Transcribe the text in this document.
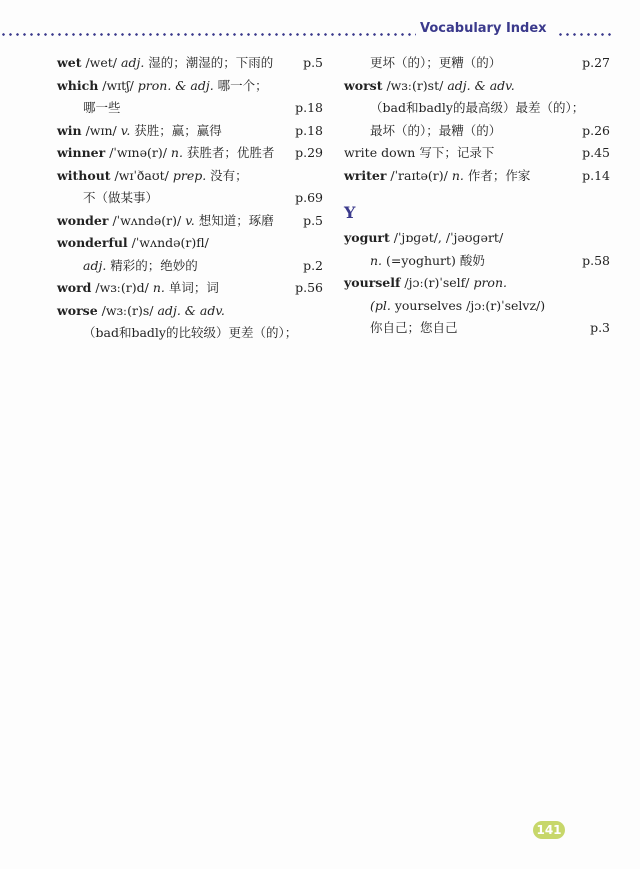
Vocabulary Index
wet /wet/ adj. 湿的；潮湿的；下雨的 p.5
which /wɪtʃ/ pron. & adj. 哪一个；
哪一些	p.18
win /wɪn/ v. 获胜；赢；赢得	p.18
winner /ˈwɪnə(r)/ n. 获胜者；优胜者 p.29
without /wɪˈðaʊt/ prep. 没有；
不（做某事）	p.69
wonder /ˈwʌndə(r)/ v. 想知道；琢磨 p.5
wonderful /ˈwʌndə(r)fl/
adj. 精彩的；绝妙的	p.2
word /wɜː(r)d/ n. 单词；词	p.56
worse /wɜː(r)s/ adj. & adv.
（bad和badly的比较级）更差（的）；
更坏（的）；更糟（的）	p.27
worst /wɜː(r)st/ adj. & adv.
（bad和badly的最高级）最差（的）；
最坏（的）；最糟（的）	p.26
write down 写下；记录下	p.45
writer /ˈraɪtə(r)/ n. 作者；作家	p.14
Y
yogurt /ˈjɒɡət/, /ˈjəʊɡərt/
n. (=yoghurt) 酸奶	p.58
yourself /jɔː(r)ˈself/ pron.
(pl. yourselves /jɔː(r)ˈselvz/)
你自己；您自己	p.3
141
